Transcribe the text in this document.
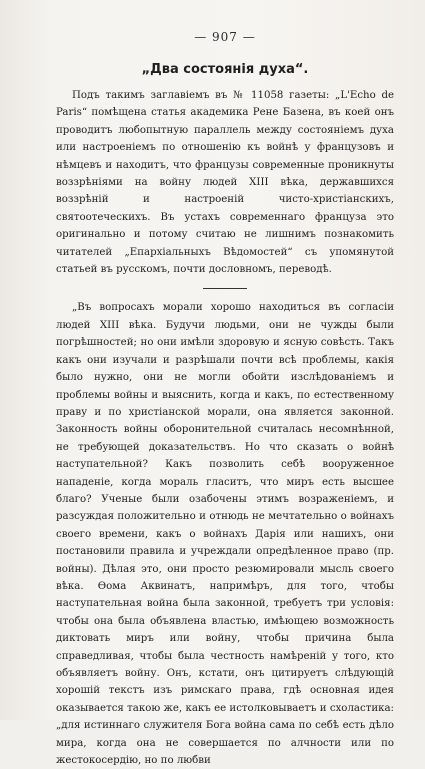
— 907 —
„Два состоянія духа“.

Подъ такимъ заглавіемъ въ № 11058 газеты: „L'Echo de Paris“ помѣщена статья академика Рене Базена, въ коей онъ проводитъ любопытную параллель между состояніемъ духа или настроеніемъ по отношенію къ войнѣ у французовъ и нѣмцевъ и находитъ, что французы современные проникнуты воззрѣніями на войну людей XIII вѣка, державшихся воззрѣній и настроеній чисто-христіанскихъ, святоотеческихъ. Въ устахъ современнаго француза это оригинально и потому считаю не лишнимъ познакомить читателей „Епархіальныхъ Вѣдомостей“ съ упомянутой статьей въ русскомъ, почти дословномъ, переводѣ.

„Въ вопросахъ морали хорошо находиться въ согласіи людей XIII вѣка. Будучи людьми, они не чужды были погрѣшностей; но они имѣли здоровую и ясную совѣсть. Такъ какъ они изучали и разрѣшали почти всѣ проблемы, какія было нужно, они не могли обойти изслѣдованіемъ и проблемы войны и выяснить, когда и какъ, по естественному праву и по христіанской морали, она является законной. Законность войны оборонительной считалась несомнѣнной, не требующей доказательствъ. Но что сказать о войнѣ наступательной? Какъ позволить себѣ вооруженное нападеніе, когда мораль гласитъ, что миръ есть высшее благо? Ученые были озабочены этимъ возраженіемъ, и разсуждая положительно и отнюдь не мечтательно о войнахъ своего времени, какъ о войнахъ Дарія или нашихъ, они постановили правила и учреждали опредѣленное право (пр. войны). Дѣлая это, они просто резюмировали мысль своего вѣка. Ѳома Аквинатъ, напримѣръ, для того, чтобы наступательная война была законной, требуетъ три условія: чтобы она была объявлена властью, имѣющею возможность диктовать миръ или войну, чтобы причина была справедливая, чтобы была честность намѣреній у того, кто объявляетъ войну. Онъ, кстати, онъ цитируетъ слѣдующій хорошій текстъ изъ римскаго права, гдѣ основная идея оказывается такою же, какъ ее истолковываетъ и схоластика: „для истиннаго служителя Бога война сама по себѣ есть дѣло мира, когда она не совершается по алчности или по жестокосердію, но по любви
